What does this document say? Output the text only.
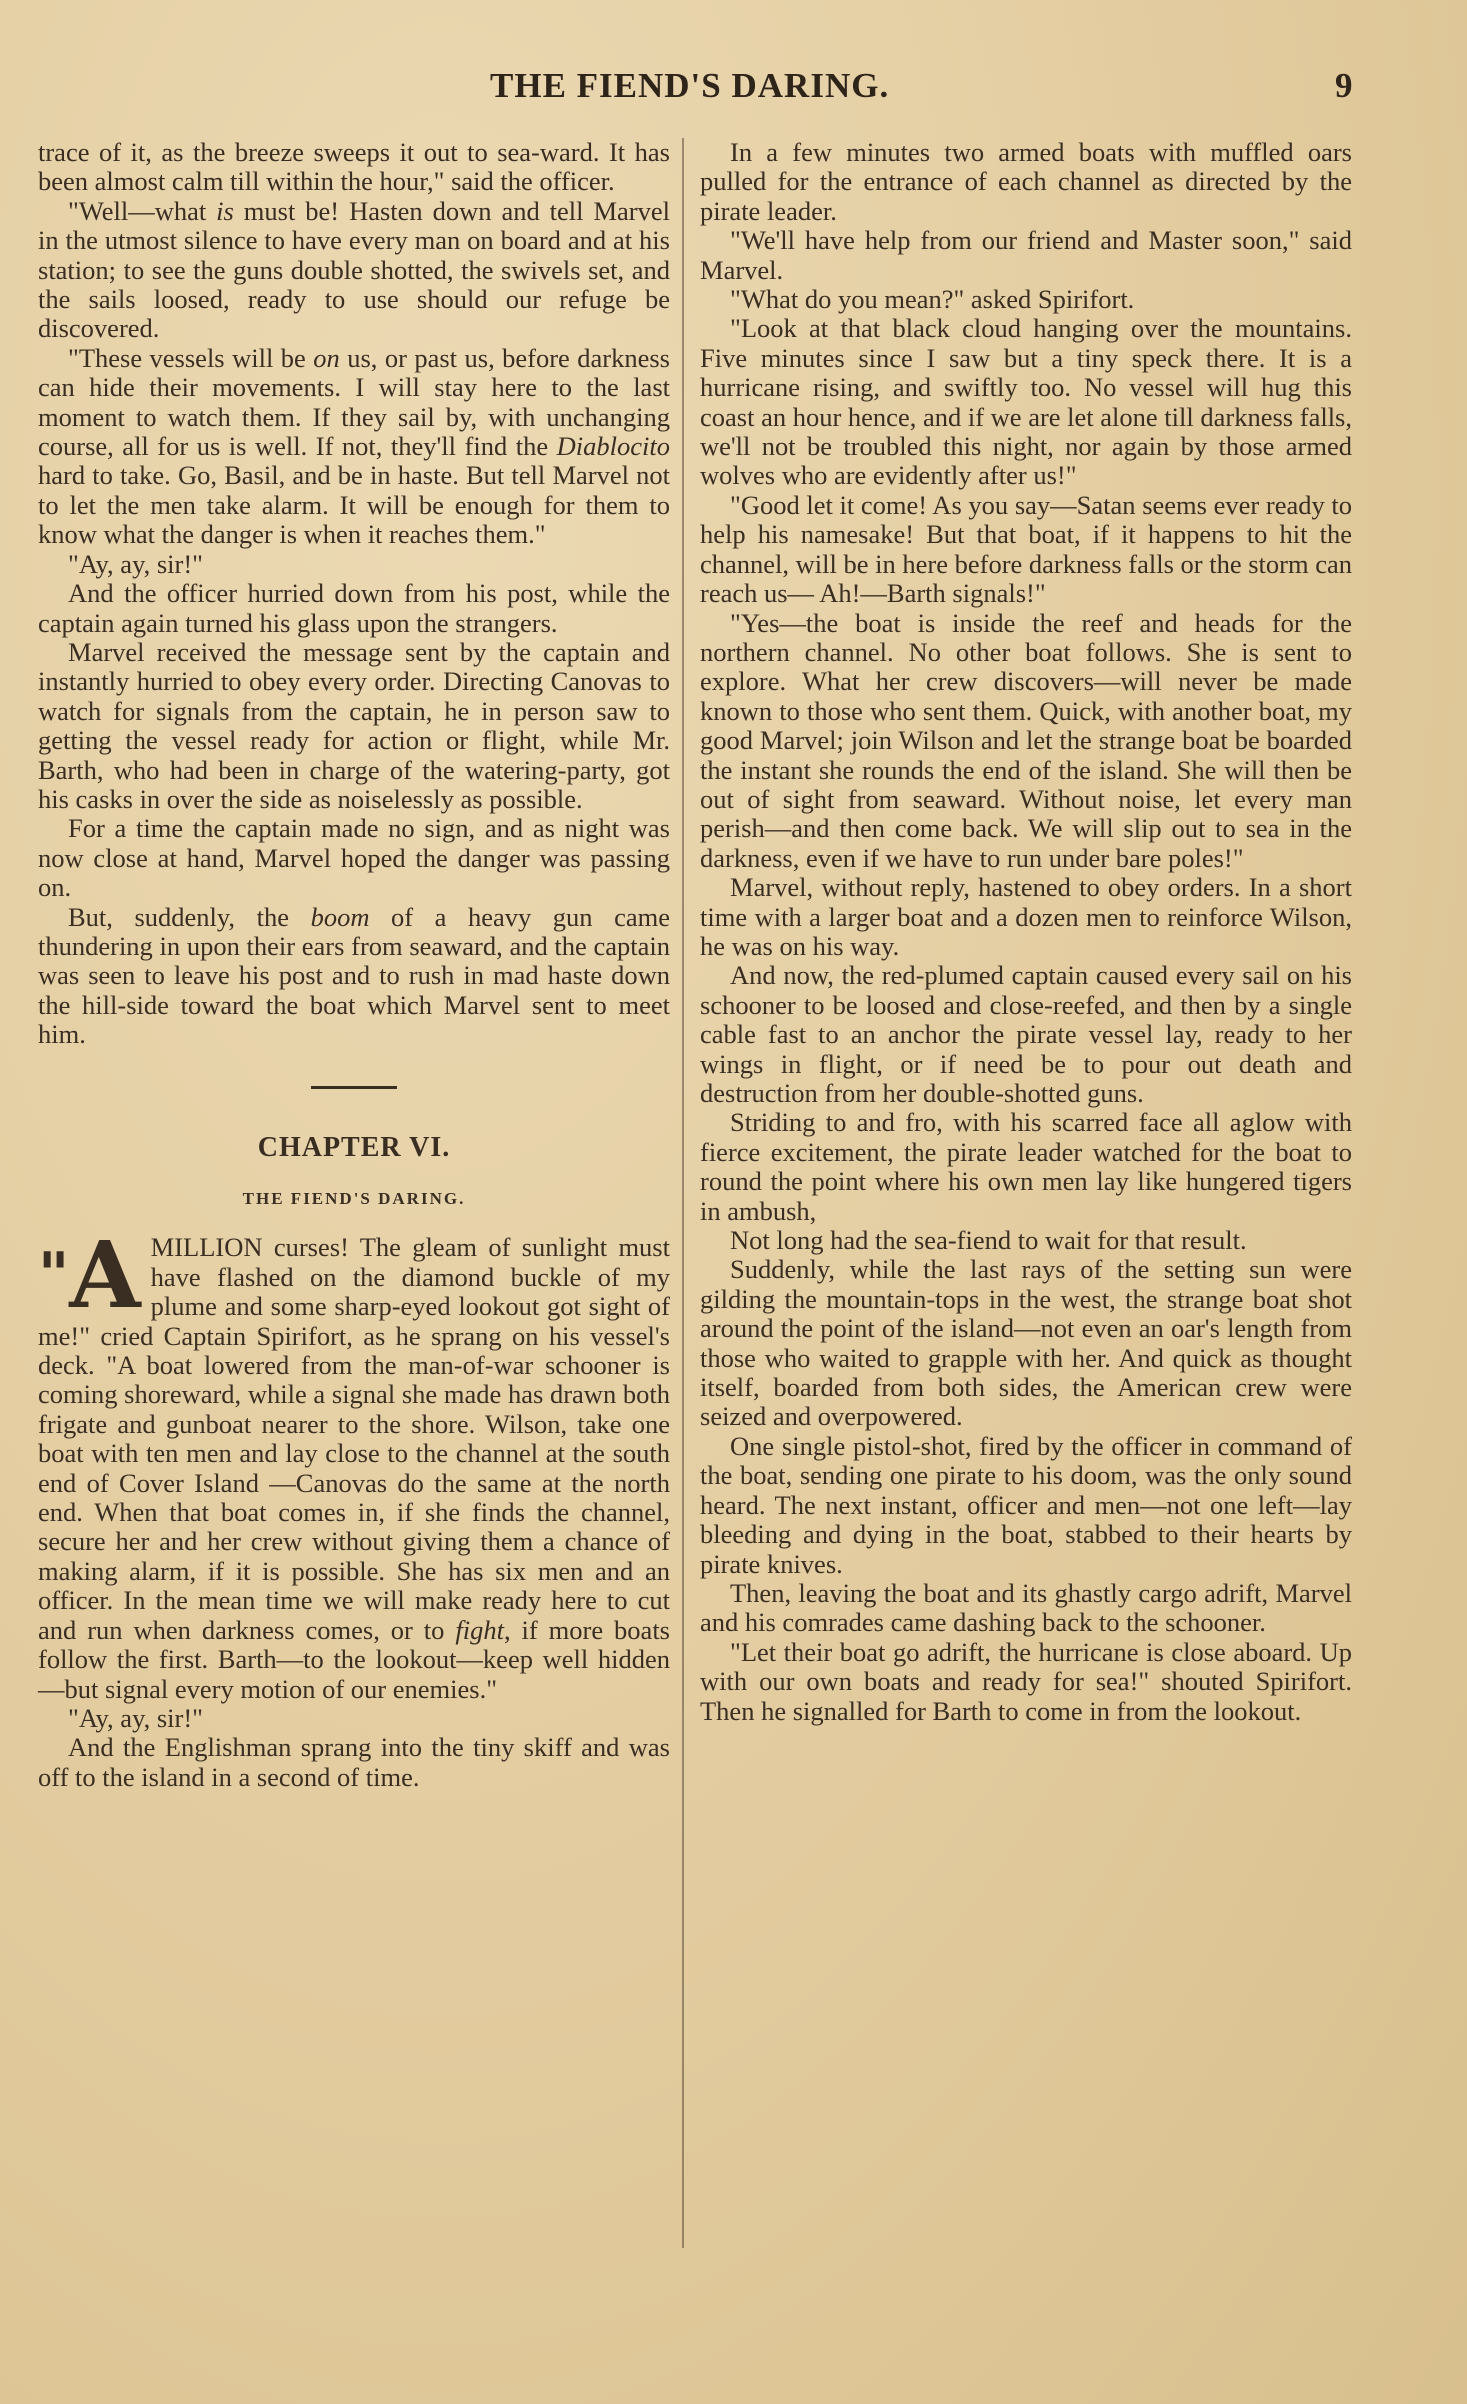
THE FIEND'S DARING.	9

trace of it, as the breeze sweeps it out to sea-ward. It has been almost calm till within the hour," said the officer.

"Well—what is must be! Hasten down and tell Marvel in the utmost silence to have every man on board and at his station; to see the guns double shotted, the swivels set, and the sails loosed, ready to use should our refuge be discovered.

"These vessels will be on us, or past us, before darkness can hide their movements. I will stay here to the last moment to watch them. If they sail by, with unchanging course, all for us is well. If not, they'll find the Diablocito hard to take. Go, Basil, and be in haste. But tell Marvel not to let the men take alarm. It will be enough for them to know what the danger is when it reaches them."

"Ay, ay, sir!"

And the officer hurried down from his post, while the captain again turned his glass upon the strangers.

Marvel received the message sent by the captain and instantly hurried to obey every order. Directing Canovas to watch for signals from the captain, he in person saw to getting the vessel ready for action or flight, while Mr. Barth, who had been in charge of the watering-party, got his casks in over the side as noiselessly as possible.

For a time the captain made no sign, and as night was now close at hand, Marvel hoped the danger was passing on.

But, suddenly, the boom of a heavy gun came thundering in upon their ears from seaward, and the captain was seen to leave his post and to rush in mad haste down the hill-side toward the boat which Marvel sent to meet him.

CHAPTER VI.
THE FIEND'S DARING.

"A MILLION curses! The gleam of sunlight must have flashed on the diamond buckle of my plume and some sharp-eyed lookout got sight of me!" cried Captain Spirifort, as he sprang on his vessel's deck. "A boat lowered from the man-of-war schooner is coming shoreward, while a signal she made has drawn both frigate and gunboat nearer to the shore. Wilson, take one boat with ten men and lay close to the channel at the south end of Cover Island —Canovas do the same at the north end. When that boat comes in, if she finds the channel, secure her and her crew without giving them a chance of making alarm, if it is possible. She has six men and an officer. In the mean time we will make ready here to cut and run when darkness comes, or to fight, if more boats follow the first. Barth—to the lookout—keep well hidden—but signal every motion of our enemies."

"Ay, ay, sir!"

And the Englishman sprang into the tiny skiff and was off to the island in a second of time.

In a few minutes two armed boats with muffled oars pulled for the entrance of each channel as directed by the pirate leader.

"We'll have help from our friend and Master soon," said Marvel.

"What do you mean?" asked Spirifort.

"Look at that black cloud hanging over the mountains. Five minutes since I saw but a tiny speck there. It is a hurricane rising, and swiftly too. No vessel will hug this coast an hour hence, and if we are let alone till darkness falls, we'll not be troubled this night, nor again by those armed wolves who are evidently after us!"

"Good let it come! As you say—Satan seems ever ready to help his namesake! But that boat, if it happens to hit the channel, will be in here before darkness falls or the storm can reach us— Ah!—Barth signals!"

"Yes—the boat is inside the reef and heads for the northern channel. No other boat follows. She is sent to explore. What her crew discovers—will never be made known to those who sent them. Quick, with another boat, my good Marvel; join Wilson and let the strange boat be boarded the instant she rounds the end of the island. She will then be out of sight from seaward. Without noise, let every man perish—and then come back. We will slip out to sea in the darkness, even if we have to run under bare poles!"

Marvel, without reply, hastened to obey orders. In a short time with a larger boat and a dozen men to reinforce Wilson, he was on his way.

And now, the red-plumed captain caused every sail on his schooner to be loosed and close-reefed, and then by a single cable fast to an anchor the pirate vessel lay, ready to her wings in flight, or if need be to pour out death and destruction from her double-shotted guns.

Striding to and fro, with his scarred face all aglow with fierce excitement, the pirate leader watched for the boat to round the point where his own men lay like hungered tigers in ambush,

Not long had the sea-fiend to wait for that result.

Suddenly, while the last rays of the setting sun were gilding the mountain-tops in the west, the strange boat shot around the point of the island—not even an oar's length from those who waited to grapple with her. And quick as thought itself, boarded from both sides, the American crew were seized and overpowered.

One single pistol-shot, fired by the officer in command of the boat, sending one pirate to his doom, was the only sound heard. The next instant, officer and men—not one left—lay bleeding and dying in the boat, stabbed to their hearts by pirate knives.

Then, leaving the boat and its ghastly cargo adrift, Marvel and his comrades came dashing back to the schooner.

"Let their boat go adrift, the hurricane is close aboard. Up with our own boats and ready for sea!" shouted Spirifort. Then he signalled for Barth to come in from the lookout.
